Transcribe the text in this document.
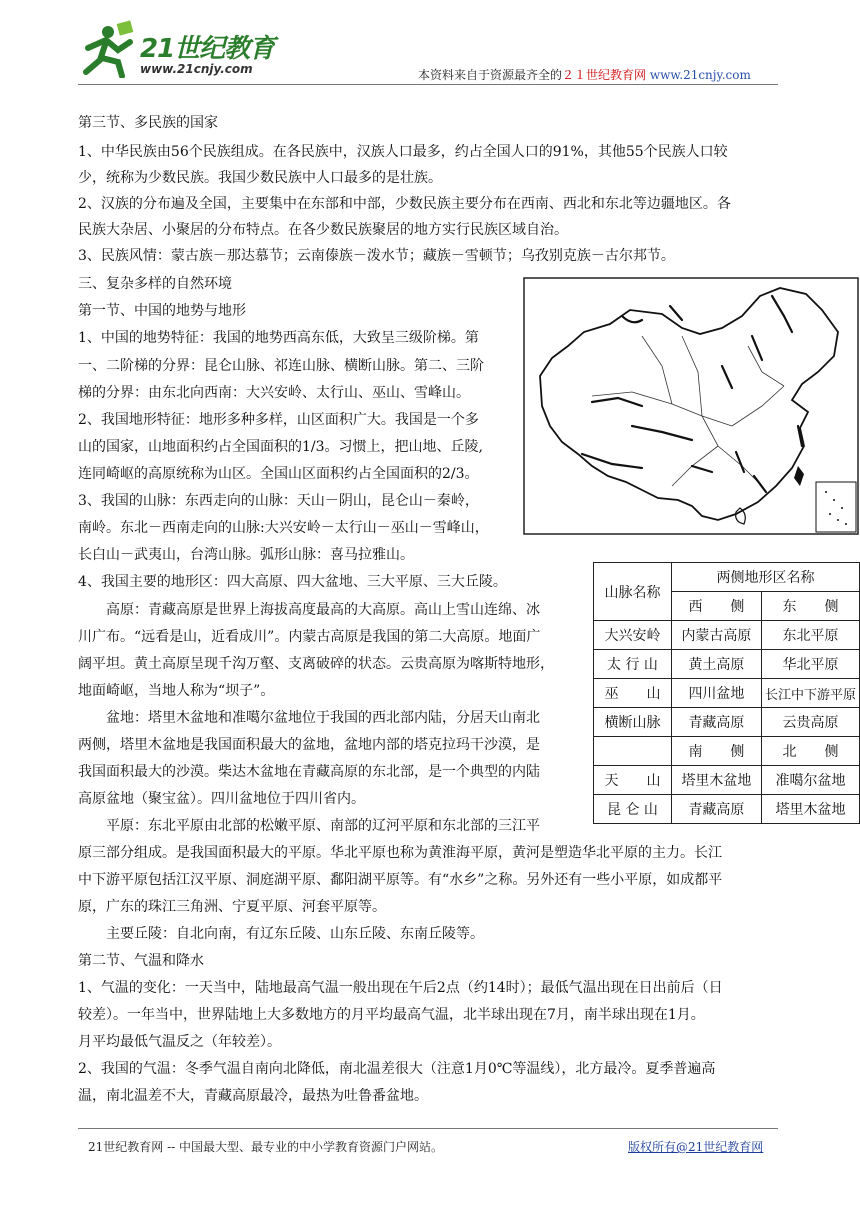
21世纪教育
www.21cnjy.com	本资料来自于资源最齐全的２１世纪教育网 www.21cnjy.com
第三节、多民族的国家
1、中华民族由56个民族组成。在各民族中，汉族人口最多，约占全国人口的91%，其他55个民族人口较
少，统称为少数民族。我国少数民族中人口最多的是壮族。
2、汉族的分布遍及全国，主要集中在东部和中部，少数民族主要分布在西南、西北和东北等边疆地区。各
民族大杂居、小聚居的分布特点。在各少数民族聚居的地方实行民族区域自治。
3、民族风情：蒙古族－那达慕节；云南傣族－泼水节；藏族－雪顿节；乌孜别克族－古尔邦节。
三、复杂多样的自然环境
第一节、中国的地势与地形
1、中国的地势特征：我国的地势西高东低，大致呈三级阶梯。第
一、二阶梯的分界：昆仑山脉、祁连山脉、横断山脉。第二、三阶
梯的分界：由东北向西南：大兴安岭、太行山、巫山、雪峰山。
2、我国地形特征：地形多种多样，山区面积广大。我国是一个多
山的国家，山地面积约占全国面积的1/3。习惯上，把山地、丘陵,
连同崎岖的高原统称为山区。全国山区面积约占全国面积的2/3。
3、我国的山脉：东西走向的山脉：天山－阴山，昆仑山－秦岭，
南岭。东北－西南走向的山脉:大兴安岭－太行山－巫山－雪峰山，
长白山－武夷山，台湾山脉。弧形山脉：喜马拉雅山。
4、我国主要的地形区：四大高原、四大盆地、三大平原、三大丘陵。
高原：青藏高原是世界上海拔高度最高的大高原。高山上雪山连绵、冰
川广布。“远看是山，近看成川”。内蒙古高原是我国的第二大高原。地面广
阔平坦。黄土高原呈现千沟万壑、支离破碎的状态。云贵高原为喀斯特地形，
地面崎岖，当地人称为“坝子”。
盆地：塔里木盆地和准噶尔盆地位于我国的西北部内陆，分居天山南北
两侧，塔里木盆地是我国面积最大的盆地，盆地内部的塔克拉玛干沙漠，是
我国面积最大的沙漠。柴达木盆地在青藏高原的东北部，是一个典型的内陆
高原盆地（聚宝盆）。四川盆地位于四川省内。
平原：东北平原由北部的松嫩平原、南部的辽河平原和东北部的三江平
原三部分组成。是我国面积最大的平原。华北平原也称为黄淮海平原，黄河是塑造华北平原的主力。长江
中下游平原包括江汉平原、洞庭湖平原、鄱阳湖平原等。有“水乡”之称。另外还有一些小平原，如成都平
原，广东的珠江三角洲、宁夏平原、河套平原等。
主要丘陵：自北向南，有辽东丘陵、山东丘陵、东南丘陵等。
第二节、气温和降水
1、气温的变化：一天当中，陆地最高气温一般出现在午后2点（约14时）；最低气温出现在日出前后（日
较差）。一年当中，世界陆地上大多数地方的月平均最高气温，北半球出现在7月，南半球出现在1月。
月平均最低气温反之（年较差）。
2、我国的气温：冬季气温自南向北降低，南北温差很大（注意1月0℃等温线），北方最冷。夏季普遍高
温，南北温差不大，青藏高原最冷，最热为吐鲁番盆地。
山脉名称	两侧地形区名称	
	西　　侧	东　　侧
大兴安岭	内蒙古高原	东北平原
太 行 山	黄土高原	华北平原
巫　　山	四川盆地	长江中下游平原
横断山脉	青藏高原	云贵高原
	南　　侧	北　　侧
天　　山	塔里木盆地	准噶尔盆地
昆 仑 山	青藏高原	塔里木盆地
21世纪教育网 -- 中国最大型、最专业的中小学教育资源门户网站。	版权所有@21世纪教育网
